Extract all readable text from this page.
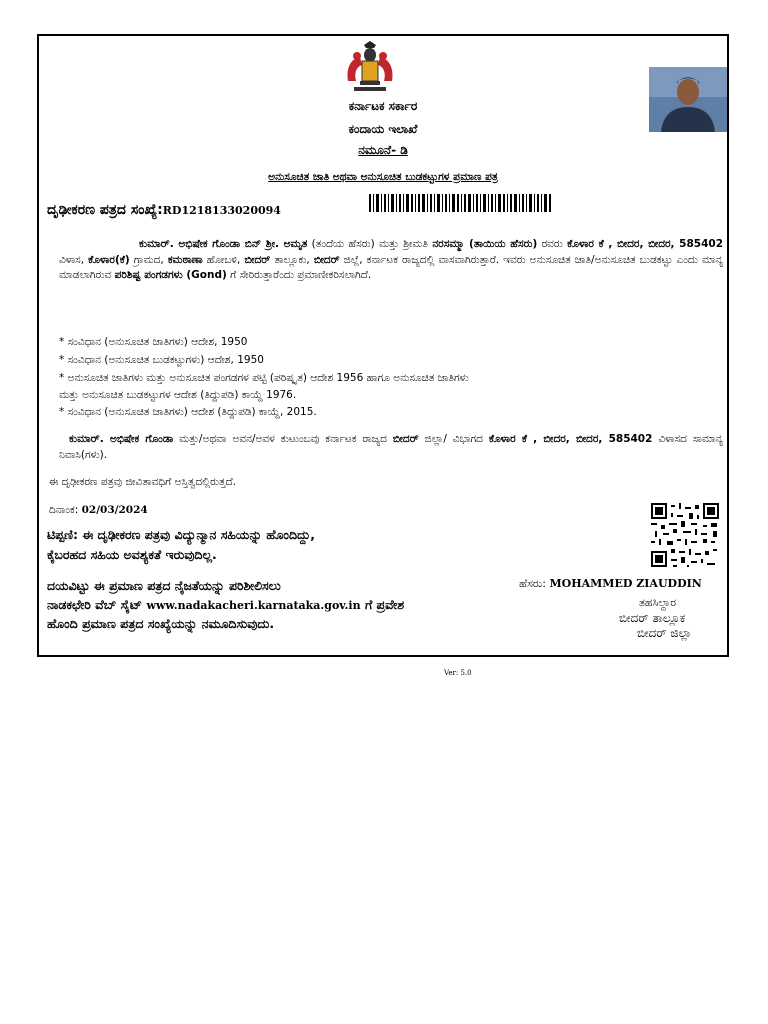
ಕರ್ನಾಟಕ ಸರ್ಕಾರ
ಕಂದಾಯ ಇಲಾಖೆ
ನಮೂನೆ- ಡಿ
ಅನುಸೂಚಿತ ಜಾತಿ ಅಥವಾ ಅನುಸೂಚಿತ ಬುಡಕಟ್ಟುಗಳ ಪ್ರಮಾಣ ಪತ್ರ
ದೃಢೀಕರಣ ಪತ್ರದ ಸಂಖ್ಯೆ:RD1218133020094
ಕುಮಾರ್. ಅಭಿಷೇಕ ಗೊಂಡಾ ಬಿನ್ ಶ್ರೀ. ಅಮೃತ (ತಂದೆಯ ಹೆಸರು) ಮತ್ತು ಶ್ರೀಮತಿ ನರಸಮ್ಮಾ (ತಾಯಿಯ ಹೆಸರು) ರವರು ಕೊಳಾರ ಕೆ , ಬೀದರ, ಬೀದರ, 585402 ವಿಳಾಸ, ಕೊಳಾರ(ಕೆ) ಗ್ರಾಮದ, ಕಮಠಾಣಾ ಹೋಬಳಿ, ಬೀದರ್ ತಾಲ್ಲೂಕು, ಬೀದರ್ ಜಿಲ್ಲೆ, ಕರ್ನಾಟಕ ರಾಜ್ಯದಲ್ಲಿ ವಾಸವಾಗಿರುತ್ತಾರೆ. ಇವರು ಅನುಸೂಚಿತ ಜಾತಿ/ಅನುಸೂಚಿತ ಬುಡಕಟ್ಟು ಎಂದು ಮಾನ್ಯ ಮಾಡಲಾಗಿರುವ ಪರಿಶಿಷ್ಟ ಪಂಗಡಗಳು (Gond) ಗೆ ಸೇರಿರುತ್ತಾರೆಂದು ಪ್ರಮಾಣೀಕರಿಸಲಾಗಿದೆ.
* ಸಂವಿಧಾನ (ಅನುಸೂಚಿತ ಜಾತಿಗಳು) ಆದೇಶ, 1950
* ಸಂವಿಧಾನ (ಅನುಸೂಚಿತ ಬುಡಕಟ್ಟುಗಳು) ಆದೇಶ, 1950
* ಅನುಸೂಚಿತ ಜಾತಿಗಳು ಮತ್ತು ಅನುಸೂಚಿತ ಪಂಗಡಗಳ ಪಟ್ಟಿ (ಪರಿಷ್ಕೃತ) ಆದೇಶ 1956 ಹಾಗೂ ಅನುಸೂಚಿತ ಜಾತಿಗಳು
ಮತ್ತು ಅನುಸೂಚಿತ ಬುಡಕಟ್ಟುಗಳ ಆದೇಶ (ತಿದ್ದುಪಡಿ) ಕಾಯ್ದೆ 1976.
* ಸಂವಿಧಾನ (ಅನುಸೂಚಿತ ಜಾತಿಗಳು) ಆದೇಶ (ತಿದ್ದುಪಡಿ) ಕಾಯ್ದೆ, 2015.
ಕುಮಾರ್. ಅಭಿಷೇಕ ಗೊಂಡಾ ಮತ್ತು/ಅಥವಾ ಅವನ/ಅವಳ ಕುಟುಂಬವು ಕರ್ನಾಟಕ ರಾಜ್ಯದ ಬೀದರ್ ಜಿಲ್ಲಾ/ ವಿಭಾಗದ ಕೊಳಾರ ಕೆ , ಬೀದರ, ಬೀದರ, 585402 ವಿಳಾಸದ ಸಾಮಾನ್ಯ ನಿವಾಸಿ(ಗಳು).
ಈ ದೃಢೀಕರಣ ಪತ್ರವು ಜೀವಿತಾವಧಿಗೆ ಅಸ್ತಿತ್ವದಲ್ಲಿರುತ್ತದೆ.
ದಿನಾಂಕ: 02/03/2024
ಟಿಪ್ಪಣಿ: ಈ ದೃಢೀಕರಣ ಪತ್ರವು ವಿದ್ಯುನ್ಮಾನ ಸಹಿಯನ್ನು ಹೊಂದಿದ್ದು,
ಕೈಬರಹದ ಸಹಿಯ ಅವಶ್ಯಕತೆ ಇರುವುದಿಲ್ಲ.
ದಯವಿಟ್ಟು ಈ ಪ್ರಮಾಣ ಪತ್ರದ ನೈಜತೆಯನ್ನು ಪರಿಶೀಲಿಸಲು
ನಾಡಕಛೇರಿ ವೆಬ್ ಸೈಟ್ www.nadakacheri.karnataka.gov.in ಗೆ ಪ್ರವೇಶ
ಹೊಂದಿ ಪ್ರಮಾಣ ಪತ್ರದ ಸಂಖ್ಯೆಯನ್ನು ನಮೂದಿಸುವುದು.
ಹೆಸರು: MOHAMMED ZIAUDDIN
ತಹಸಿಲ್ದಾರ
ಬೀದರ್ ತಾಲ್ಲೂಕ
ಬೀದರ್ ಜಿಲ್ಲಾ
Ver: 5.0
